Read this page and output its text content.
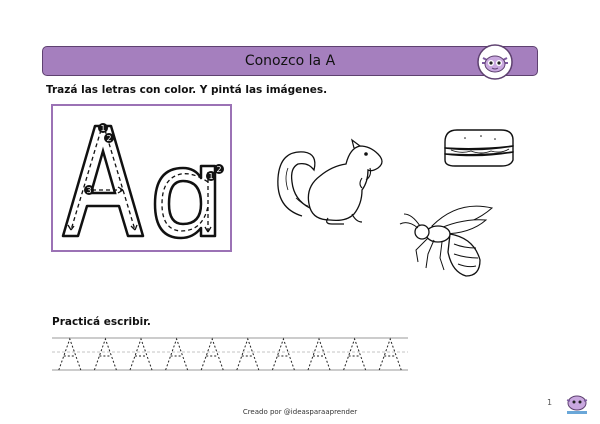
Conozco la A
Trazá las letras con color. Y pintá las imágenes.
1
2
3
1
2
Practicá escribir.
Creado por @ideasparaaprender
1
